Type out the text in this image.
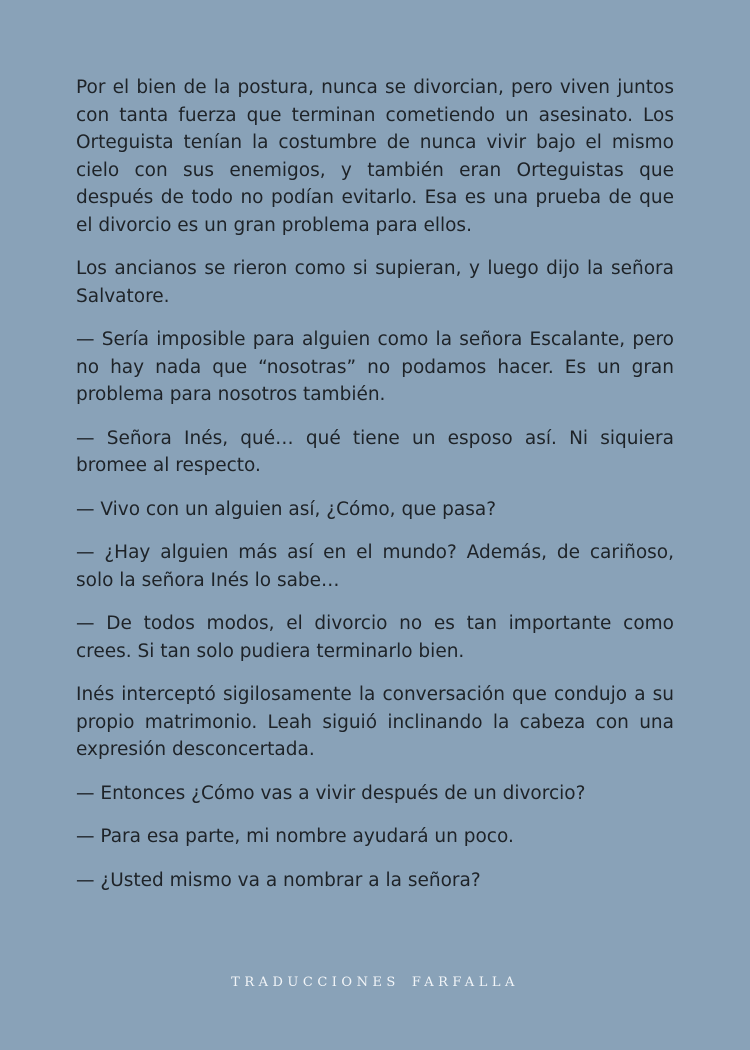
Por el bien de la postura, nunca se divorcian, pero viven juntos con tanta fuerza que terminan cometiendo un asesinato. Los Orteguista tenían la costumbre de nunca vivir bajo el mismo cielo con sus enemigos, y también eran Orteguistas que después de todo no podían evitarlo. Esa es una prueba de que el divorcio es un gran problema para ellos.

Los ancianos se rieron como si supieran, y luego dijo la señora Salvatore.

— Sería imposible para alguien como la señora Escalante, pero no hay nada que “nosotras” no podamos hacer. Es un gran problema para nosotros también.

— Señora Inés, qué… qué tiene un esposo así. Ni siquiera bromee al respecto.

— Vivo con un alguien así, ¿Cómo, que pasa?

— ¿Hay alguien más así en el mundo? Además, de cariñoso, solo la señora Inés lo sabe…

— De todos modos, el divorcio no es tan importante como crees. Si tan solo pudiera terminarlo bien.

Inés interceptó sigilosamente la conversación que condujo a su propio matrimonio. Leah siguió inclinando la cabeza con una expresión desconcertada.

— Entonces ¿Cómo vas a vivir después de un divorcio?

— Para esa parte, mi nombre ayudará un poco.

— ¿Usted mismo va a nombrar a la señora?

TRADUCCIONES FARFALLA
